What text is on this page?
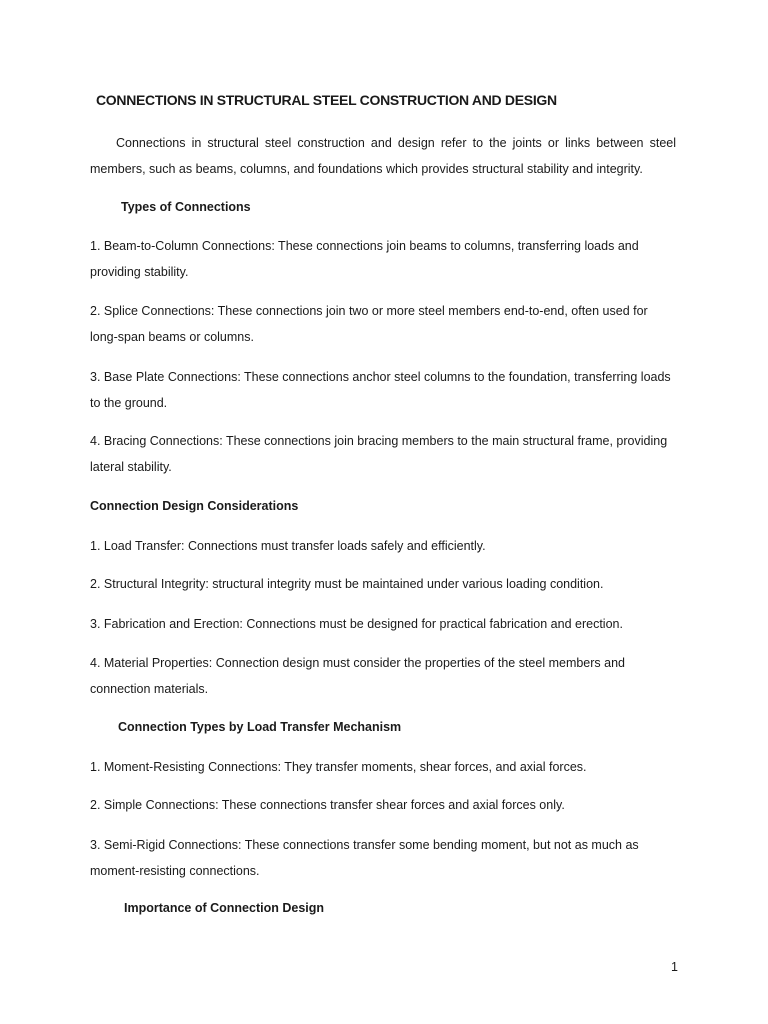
CONNECTIONS IN STRUCTURAL STEEL CONSTRUCTION AND DESIGN

Connections in structural steel construction and design refer to the joints or links between steel members, such as beams, columns, and foundations which provides structural stability and integrity.

Types of Connections

1. Beam-to-Column Connections: These connections join beams to columns, transferring loads and providing stability.

2. Splice Connections: These connections join two or more steel members end-to-end, often used for long-span beams or columns.

3. Base Plate Connections: These connections anchor steel columns to the foundation, transferring loads to the ground.

4. Bracing Connections: These connections join bracing members to the main structural frame, providing lateral stability.

Connection Design Considerations

1. Load Transfer: Connections must transfer loads safely and efficiently.

2. Structural Integrity: structural integrity must be maintained under various loading condition.

3. Fabrication and Erection: Connections must be designed for practical fabrication and erection.

4. Material Properties: Connection design must consider the properties of the steel members and connection materials.

Connection Types by Load Transfer Mechanism

1. Moment-Resisting Connections: They transfer moments, shear forces, and axial forces.

2. Simple Connections: These connections transfer shear forces and axial forces only.

3. Semi-Rigid Connections: These connections transfer some bending moment, but not as much as moment-resisting connections.

Importance of Connection Design
1
